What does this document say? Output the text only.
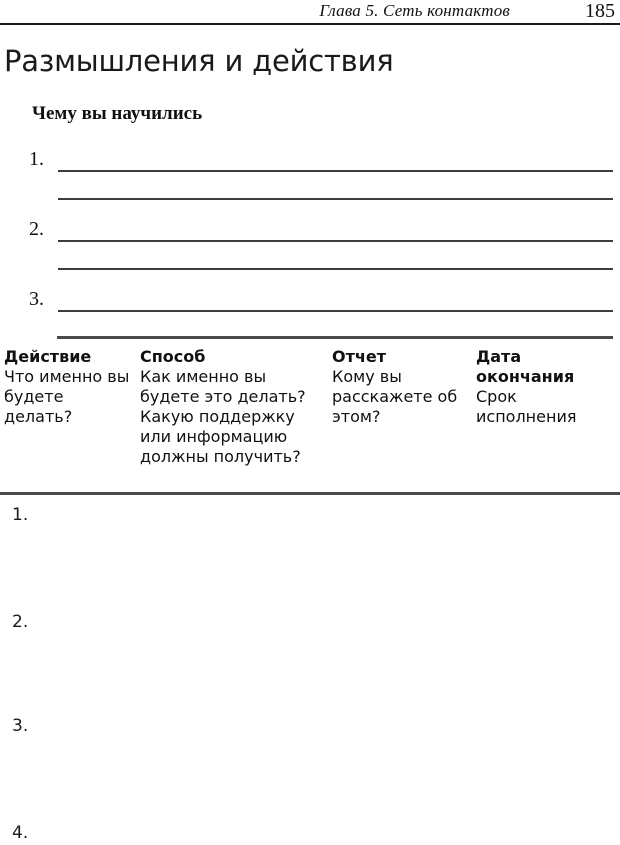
Глава 5. Сеть контактов	185
Размышления и действия
Чему вы научились
1.
2.
3.
Действие
Что именно вы будете делать?
Способ
Как именно вы будете это делать? Какую поддержку или информацию должны получить?
Отчет
Кому вы расскажете об этом?
Дата окончания
Срок исполнения
1.
2.
3.
4.
